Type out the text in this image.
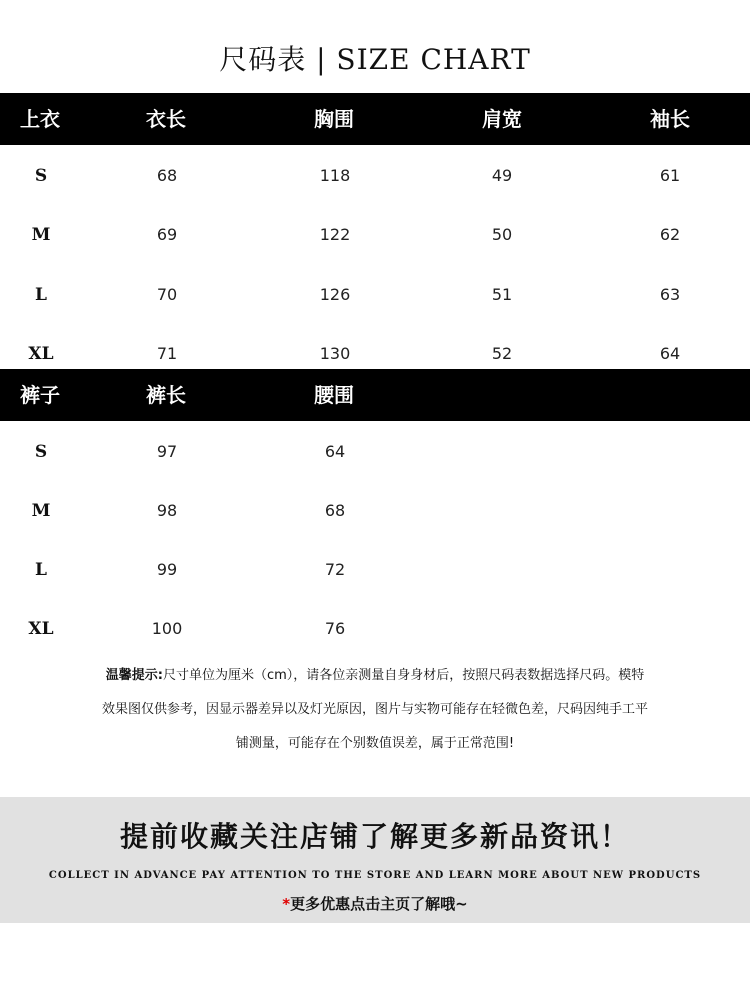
尺码表 | SIZE CHART
上衣	衣长	胸围	肩宽	袖长
S	68	118	49	61
M	69	122	50	62
L	70	126	51	63
XL	71	130	52	64
裤子	裤长	腰围
S	97	64
M	98	68
L	99	72
XL	100	76
温馨提示:尺寸单位为厘米（cm），请各位亲测量自身身材后，按照尺码表数据选择尺码。模特
效果图仅供参考，因显示器差异以及灯光原因，图片与实物可能存在轻微色差，尺码因纯手工平
铺测量，可能存在个别数值误差，属于正常范围!
提前收藏关注店铺了解更多新品资讯！
COLLECT IN ADVANCE PAY ATTENTION TO THE STORE AND LEARN MORE ABOUT NEW PRODUCTS
*更多优惠点击主页了解哦~
